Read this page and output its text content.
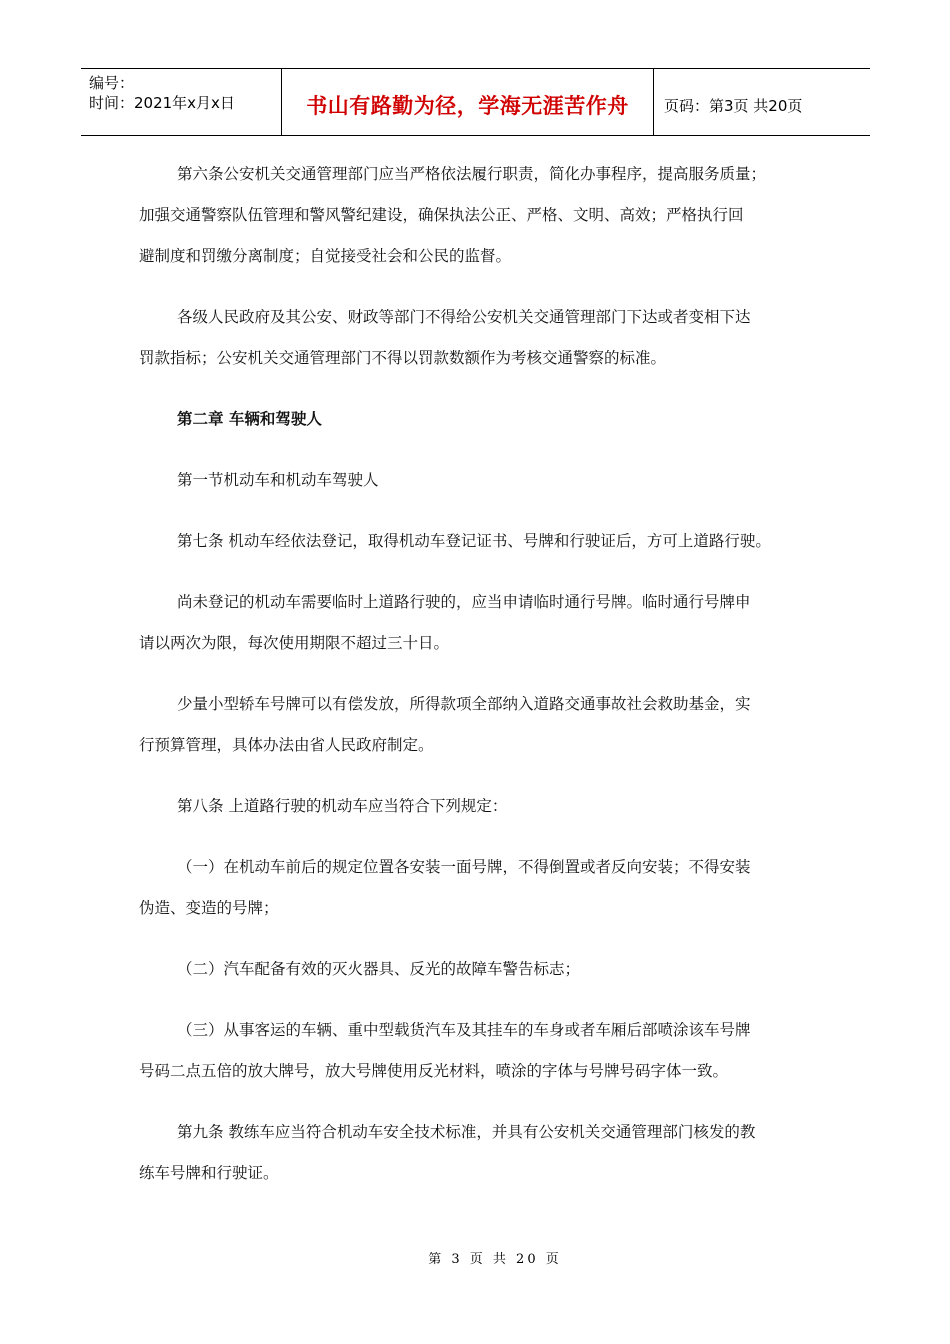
编号：
时间：2021年x月x日	书山有路勤为径，学海无涯苦作舟 页码：第3页 共20页

第六条公安机关交通管理部门应当严格依法履行职责，简化办事程序，提高服务质量；

加强交通警察队伍管理和警风警纪建设，确保执法公正、严格、文明、高效；严格执行回

避制度和罚缴分离制度；自觉接受社会和公民的监督。

各级人民政府及其公安、财政等部门不得给公安机关交通管理部门下达或者变相下达

罚款指标；公安机关交通管理部门不得以罚款数额作为考核交通警察的标准。

第二章 车辆和驾驶人

第一节机动车和机动车驾驶人

第七条 机动车经依法登记，取得机动车登记证书、号牌和行驶证后，方可上道路行驶。

尚未登记的机动车需要临时上道路行驶的，应当申请临时通行号牌。临时通行号牌申

请以两次为限，每次使用期限不超过三十日。

少量小型轿车号牌可以有偿发放，所得款项全部纳入道路交通事故社会救助基金，实

行预算管理，具体办法由省人民政府制定。

第八条 上道路行驶的机动车应当符合下列规定：

（一）在机动车前后的规定位置各安装一面号牌，不得倒置或者反向安装；不得安装

伪造、变造的号牌；

（二）汽车配备有效的灭火器具、反光的故障车警告标志；

（三）从事客运的车辆、重中型载货汽车及其挂车的车身或者车厢后部喷涂该车号牌

号码二点五倍的放大牌号，放大号牌使用反光材料，喷涂的字体与号牌号码字体一致。

第九条 教练车应当符合机动车安全技术标准，并具有公安机关交通管理部门核发的教

练车号牌和行驶证。

第 3 页 共 20 页
